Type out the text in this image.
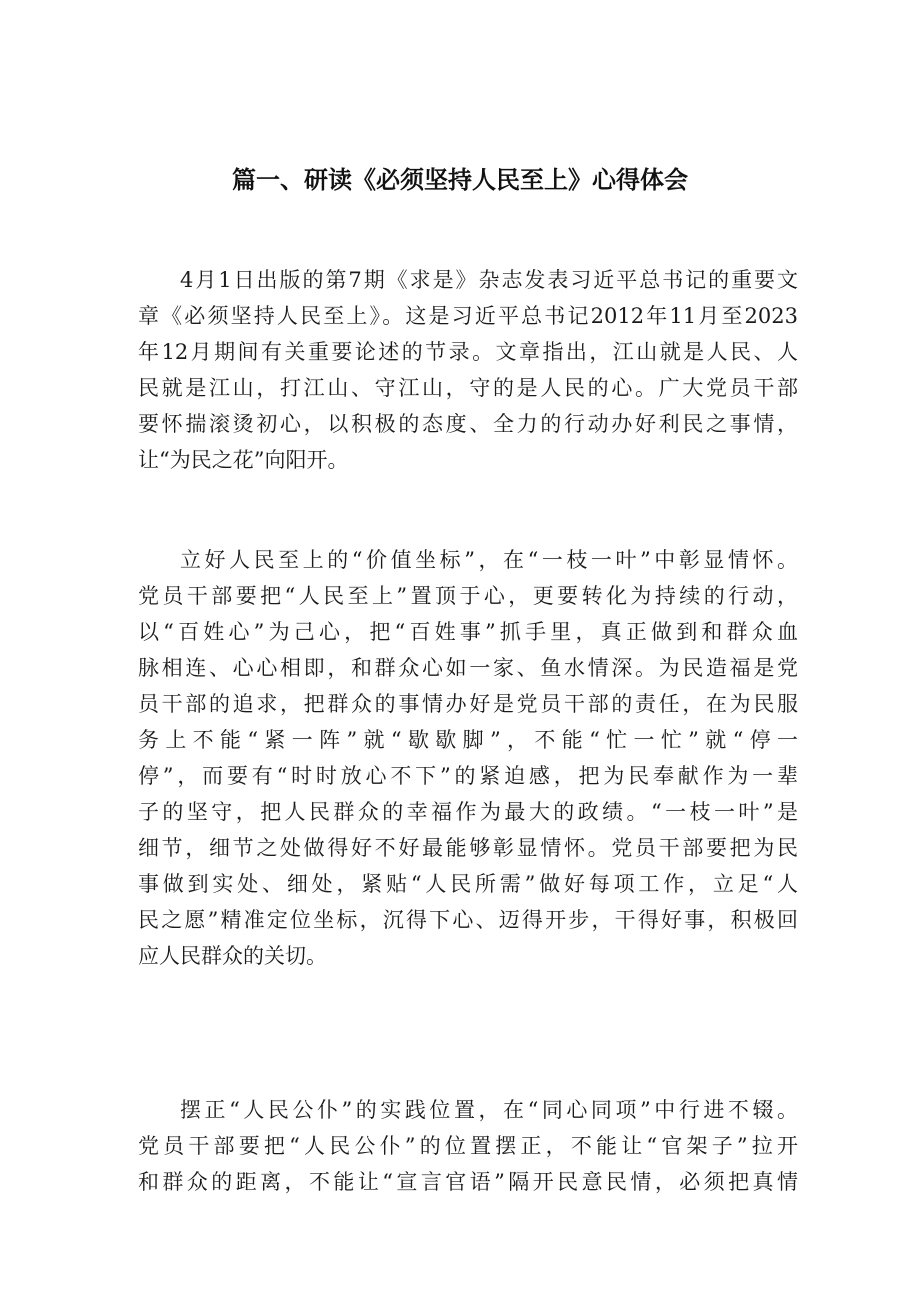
篇一、研读《必须坚持人民至上》心得体会
4月1日出版的第7期《求是》杂志发表习近平总书记的重要文
章《必须坚持人民至上》。这是习近平总书记2012年11月至2023
年12月期间有关重要论述的节录。文章指出，江山就是人民、人
民就是江山，打江山、守江山，守的是人民的心。广大党员干部
要怀揣滚烫初心，以积极的态度、全力的行动办好利民之事情，
让“为民之花”向阳开。
立好人民至上的“价值坐标”，在“一枝一叶”中彰显情怀。
党员干部要把“人民至上”置顶于心，更要转化为持续的行动，
以“百姓心”为己心，把“百姓事”抓手里，真正做到和群众血
脉相连、心心相即，和群众心如一家、鱼水情深。为民造福是党
员干部的追求，把群众的事情办好是党员干部的责任，在为民服
务上不能“紧一阵”就“歇歇脚”，不能“忙一忙”就“停一
停”，而要有“时时放心不下”的紧迫感，把为民奉献作为一辈
子的坚守，把人民群众的幸福作为最大的政绩。“一枝一叶”是
细节，细节之处做得好不好最能够彰显情怀。党员干部要把为民
事做到实处、细处，紧贴“人民所需”做好每项工作，立足“人
民之愿”精准定位坐标，沉得下心、迈得开步，干得好事，积极回
应人民群众的关切。
摆正“人民公仆”的实践位置，在“同心同项”中行进不辍。
党员干部要把“人民公仆”的位置摆正，不能让“官架子”拉开
和群众的距离，不能让“宣言官语”隔开民意民情，必须把真情
